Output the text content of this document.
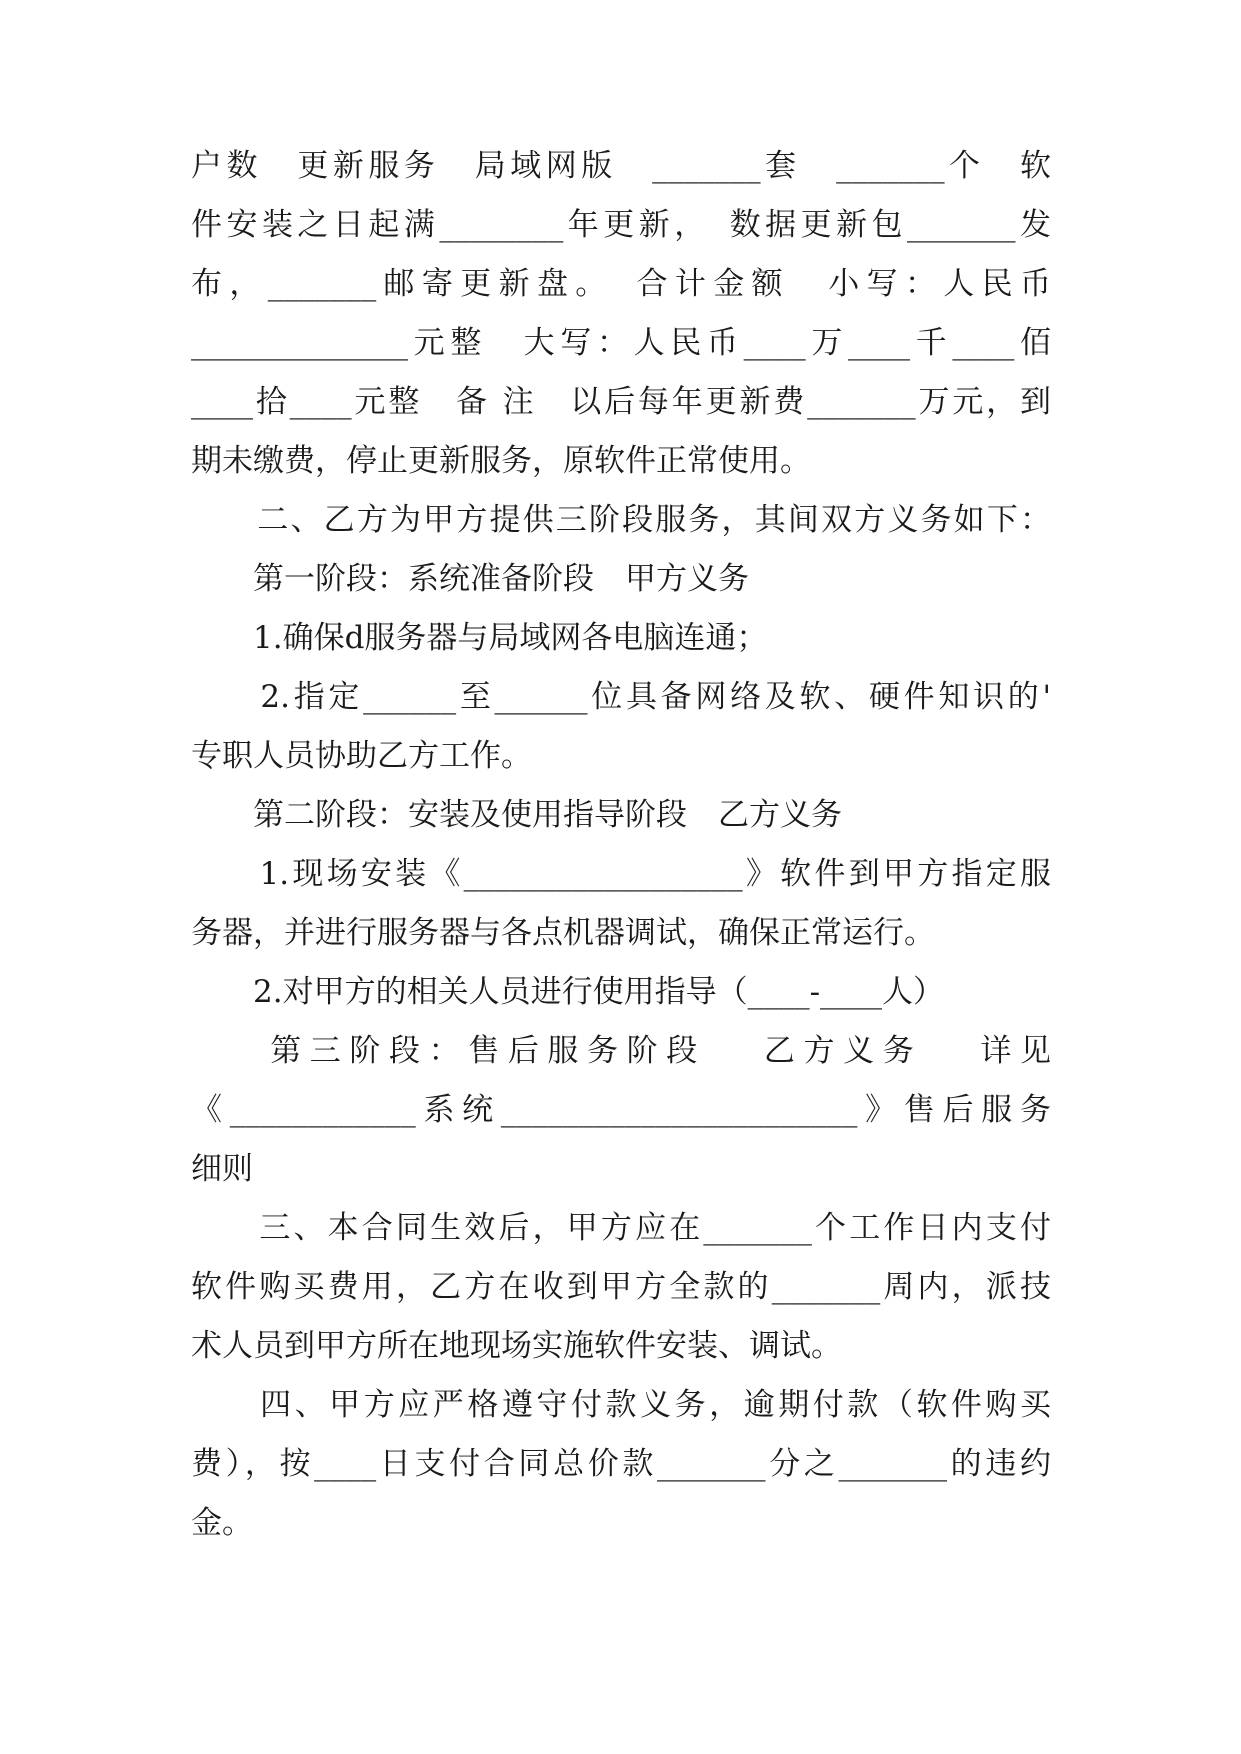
户数　更新服务　局域网版　_______套　_______个　软
件安装之日起满________年更新，　数据更新包_______发
布，_______邮寄更新盘。　合计金额　小写：人民币
______________元整　大写：人民币____万____千____佰
____拾____元整　备 注　以后每年更新费_______万元，到
期未缴费，停止更新服务，原软件正常使用。
　　二、乙方为甲方提供三阶段服务，其间双方义务如下：
　　第一阶段：系统准备阶段　甲方义务
　　1.确保d服务器与局域网各电脑连通；
　　2.指定______至______位具备网络及软、硬件知识的'
专职人员协助乙方工作。
　　第二阶段：安装及使用指导阶段　乙方义务
　　1.现场安装《__________________》软件到甲方指定服
务器，并进行服务器与各点机器调试，确保正常运行。
　　2.对甲方的相关人员进行使用指导（____-____人）
　　第三阶段：售后服务阶段　 乙方义务　 详见
《____________系统_______________________》售后服务
细则
　　三、本合同生效后，甲方应在_______个工作日内支付
软件购买费用，乙方在收到甲方全款的_______周内，派技
术人员到甲方所在地现场实施软件安装、调试。
　　四、甲方应严格遵守付款义务，逾期付款（软件购买
费），按____日支付合同总价款_______分之_______的违约
金。
